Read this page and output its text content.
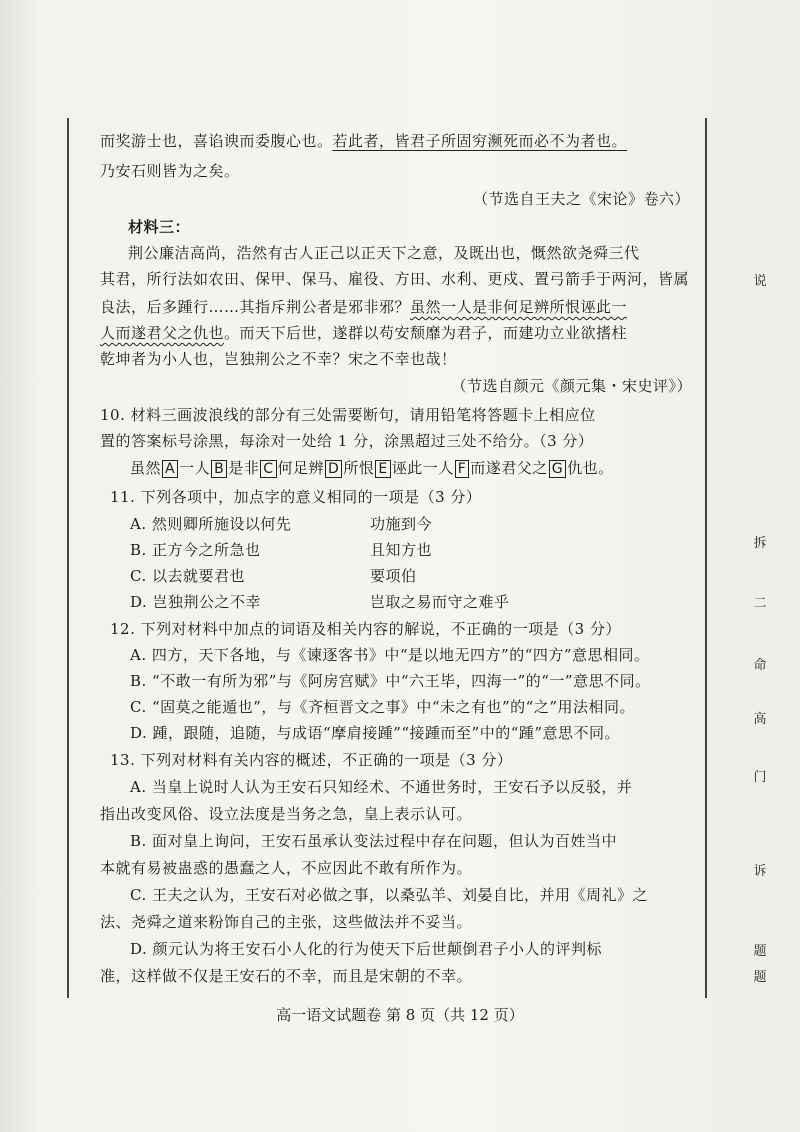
而奖游士也，喜谄谀而委腹心也。若此者，皆君子所固穷濒死而必不为者也。
乃安石则皆为之矣。
（节选自王夫之《宋论》卷六）
材料三：
荆公廉洁高尚，浩然有古人正己以正天下之意，及既出也，慨然欲尧舜三代
其君，所行法如农田、保甲、保马、雇役、方田、水利、更戍、置弓箭手于两河，皆属
良法，后多踵行……其指斥荆公者是邪非邪？虽然一人是非何足辨所恨诬此一
人而遂君父之仇也。而天下后世，遂群以苟安颓靡为君子，而建功立业欲搘柱
乾坤者为小人也，岂独荆公之不幸？宋之不幸也哉！
（节选自颜元《颜元集・宋史评》）
10. 材料三画波浪线的部分有三处需要断句，请用铅笔将答题卡上相应位
置的答案标号涂黑，每涂对一处给 1 分，涂黑超过三处不给分。（3 分）
虽然 A 一人 B 是非 C 何足辨 D 所恨 E 诬此一人 F 而遂君父之 G 仇也。
11. 下列各项中，加点字的意义相同的一项是（3 分）
A. 然则卿所施设以何先	功施到今
B. 正方今之所急也	且知方也
C. 以去就要君也	要项伯
D. 岂独荆公之不幸	岂取之易而守之难乎
12. 下列对材料中加点的词语及相关内容的解说，不正确的一项是（3 分）
A. 四方，天下各地，与《谏逐客书》中“是以地无四方”的“四方”意思相同。
B. “不敢一有所为邪”与《阿房宫赋》中“六王毕，四海一”的“一”意思不同。
C. “固莫之能遁也”，与《齐桓晋文之事》中“未之有也”的“之”用法相同。
D. 踵，跟随，追随，与成语“摩肩接踵”“接踵而至”中的“踵”意思不同。
13. 下列对材料有关内容的概述，不正确的一项是（3 分）
A. 当皇上说时人认为王安石只知经术、不通世务时，王安石予以反驳，并
指出改变风俗、设立法度是当务之急，皇上表示认可。
B. 面对皇上询问，王安石虽承认变法过程中存在问题，但认为百姓当中
本就有易被蛊惑的愚蠢之人，不应因此不敢有所作为。
C. 王夫之认为，王安石对必做之事，以桑弘羊、刘晏自比，并用《周礼》之
法、尧舜之道来粉饰自己的主张，这些做法并不妥当。
D. 颜元认为将王安石小人化的行为使天下后世颠倒君子小人的评判标
准，这样做不仅是王安石的不幸，而且是宋朝的不幸。
说
拆
二
命
高
门
诉
题
题
高一语文试题卷 第 8 页（共 12 页）
